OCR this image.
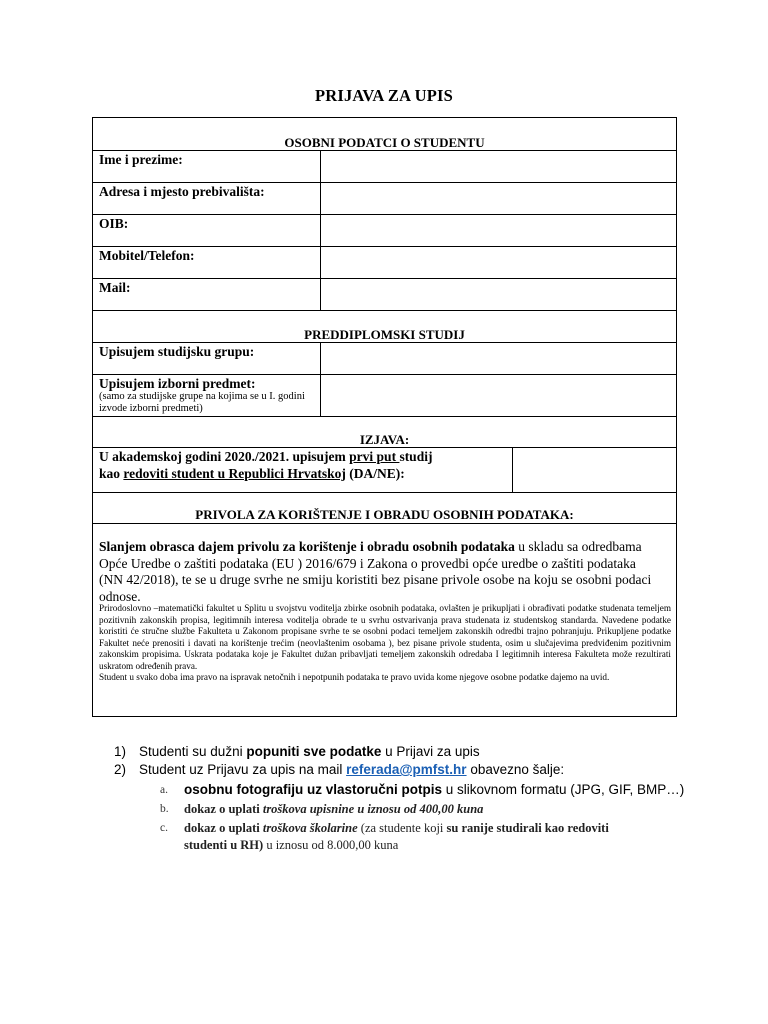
PRIJAVA ZA UPIS
OSOBNI PODATCI O STUDENTU
Ime i prezime:
Adresa i mjesto prebivališta:
OIB:
Mobitel/Telefon:
Mail:
PREDDIPLOMSKI STUDIJ
Upisujem studijsku grupu:
Upisujem izborni predmet:
(samo za studijske grupe na kojima se u I. godini izvode izborni predmeti)
IZJAVA:
U akademskoj godini 2020./2021. upisujem prvi put studij
kao redoviti student u Republici Hrvatskoj (DA/NE):
PRIVOLA ZA KORIŠTENJE I OBRADU OSOBNIH PODATAKA:
Slanjem obrasca dajem privolu za korištenje i obradu osobnih podataka u skladu sa odredbama Opće Uredbe o zaštiti podataka (EU ) 2016/679 i Zakona o provedbi opće uredbe o zaštiti podataka (NN 42/2018), te se u druge svrhe ne smiju koristiti bez pisane privole osobe na koju se osobni podaci odnose.

Prirodoslovno –matematički fakultet u Splitu u svojstvu voditelja zbirke osobnih podataka, ovlašten je prikupljati i obrađivati podatke studenata temeljem pozitivnih zakonskih propisa, legitimnih interesa voditelja obrade te u svrhu ostvarivanja prava studenata iz studentskog standarda. Navedene podatke koristiti će stručne službe Fakulteta u Zakonom propisane svrhe te se osobni podaci temeljem zakonskih odredbi trajno pohranjuju. Prikupljene podatke Fakultet neće prenositi i davati na korištenje trećim (neovlaštenim osobama ), bez pisane privole studenta, osim u slučajevima predviđenim pozitivnim zakonskim propisima. Uskrata podataka koje je Fakultet dužan pribavljati temeljem zakonskih odredaba I legitimnih interesa Fakulteta može rezultirati uskratom određenih prava.

Student u svako doba ima pravo na ispravak netočnih i nepotpunih podataka te pravo uvida kome njegove osobne podatke dajemo na uvid.

1) Studenti su dužni popuniti sve podatke u Prijavi za upis
2) Student uz Prijavu za upis na mail referada@pmfst.hr obavezno šalje:
a. osobnu fotografiju uz vlastoručni potpis u slikovnom formatu (JPG, GIF, BMP…)
b. dokaz o uplati troškova upisnine u iznosu od 400,00 kuna
c. dokaz o uplati troškova školarine (za studente koji su ranije studirali kao redoviti
studenti u RH) u iznosu od 8.000,00 kuna
